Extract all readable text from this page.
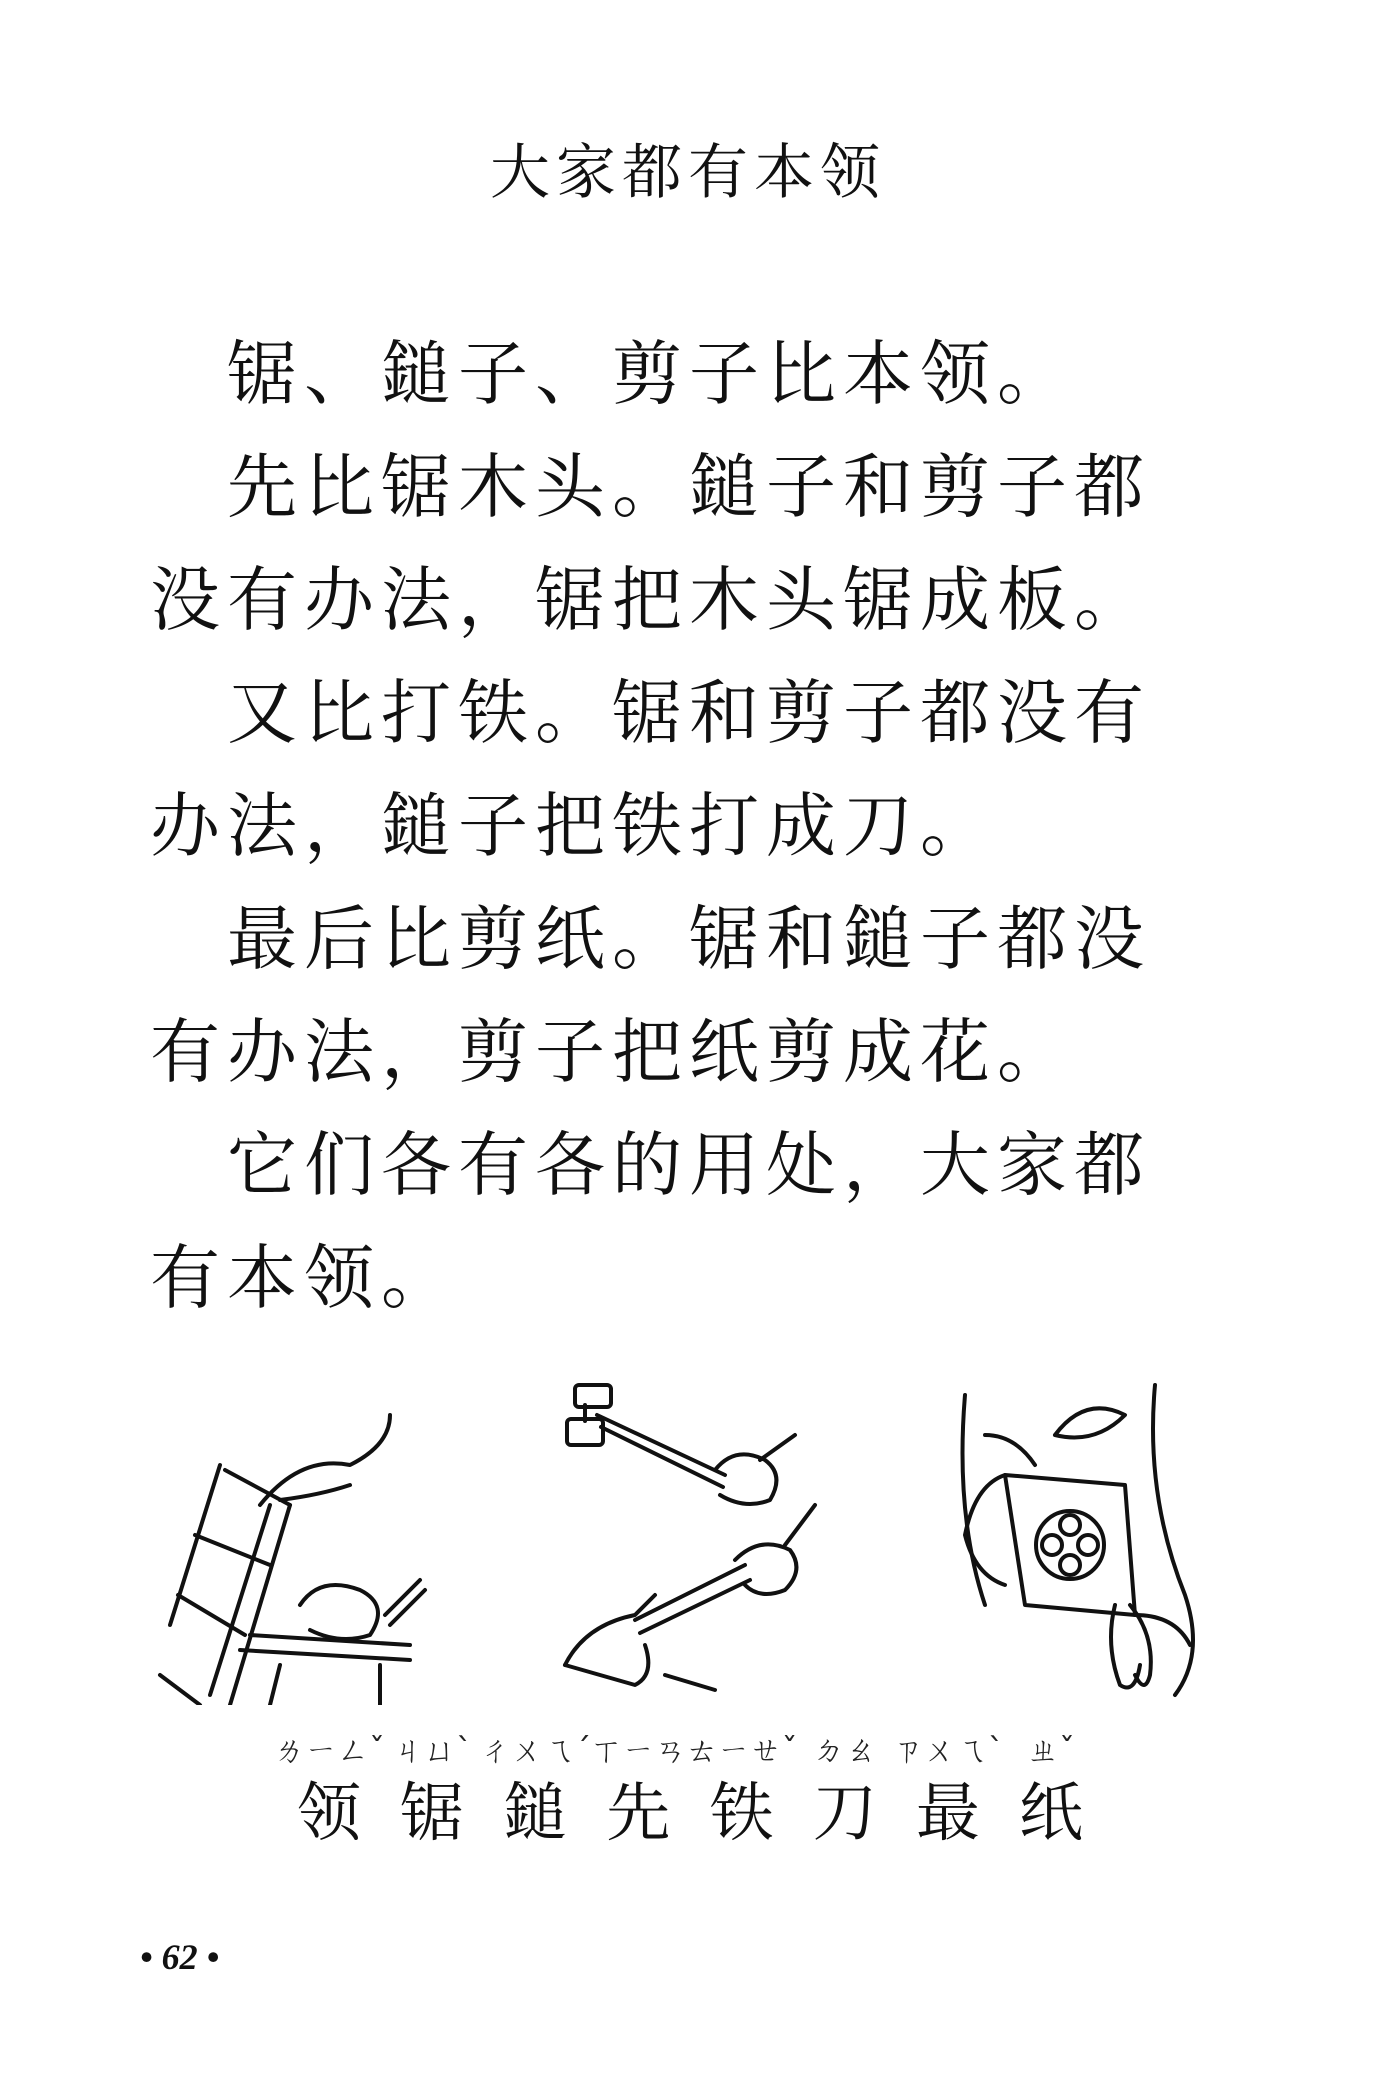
大家都有本领

锯、鎚子、剪子比本领。

先比锯木头。鎚子和剪子都没有办法，锯把木头锯成板。

又比打铁。锯和剪子都没有办法，鎚子把铁打成刀。

最后比剪纸。锯和鎚子都没有办法，剪子把纸剪成花。

它们各有各的用处，大家都有本领。

ㄌㄧㄥˇ
领
ㄐㄩˋ
锯
ㄔㄨㄟˊ
鎚
ㄒㄧㄢ
先
ㄊㄧㄝˇ
铁
ㄉㄠ
刀
ㄗㄨㄟˋ
最
ㄓˇ
纸
• 62 •
